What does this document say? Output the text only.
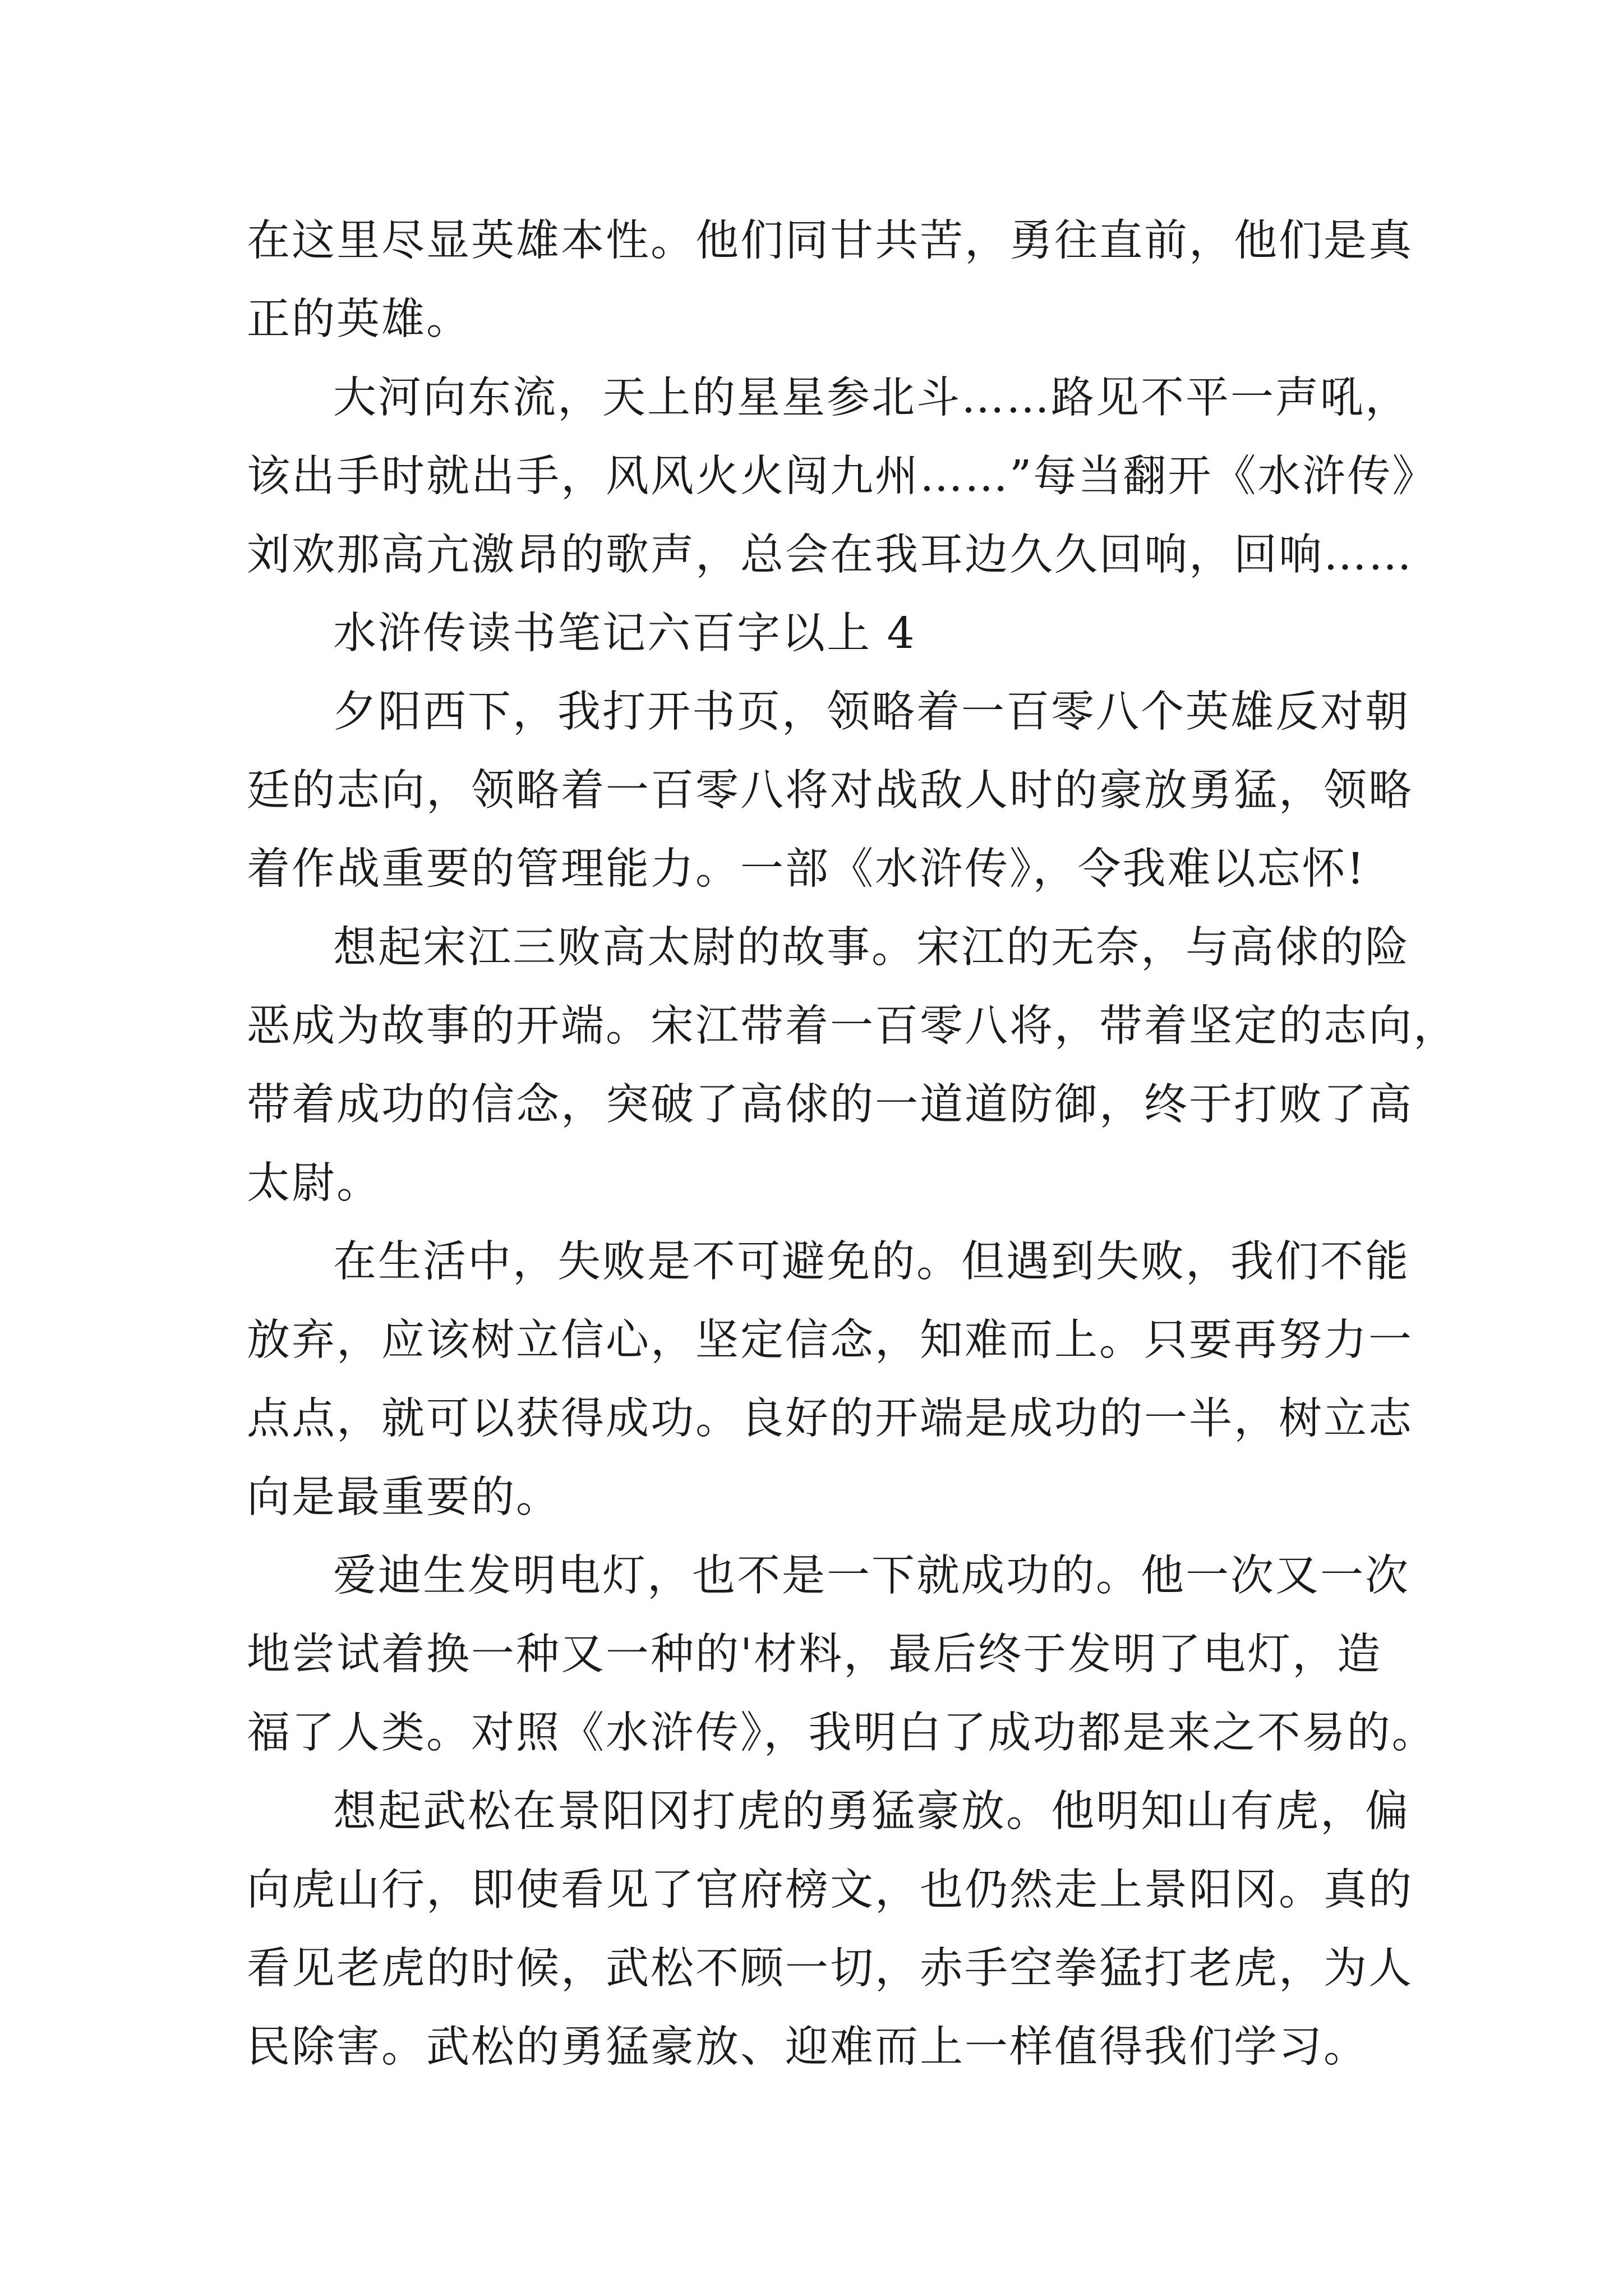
在这里尽显英雄本性。他们同甘共苦，勇往直前，他们是真
正的英雄。

大河向东流，天上的星星参北斗……路见不平一声吼，
该出手时就出手，风风火火闯九州……”每当翻开《水浒传》
刘欢那高亢激昂的歌声，总会在我耳边久久回响，回响……

水浒传读书笔记六百字以上 4

夕阳西下，我打开书页，领略着一百零八个英雄反对朝
廷的志向，领略着一百零八将对战敌人时的豪放勇猛，领略
着作战重要的管理能力。一部《水浒传》，令我难以忘怀!

想起宋江三败高太尉的故事。宋江的无奈，与高俅的险
恶成为故事的开端。宋江带着一百零八将，带着坚定的志向，
带着成功的信念，突破了高俅的一道道防御，终于打败了高
太尉。

在生活中，失败是不可避免的。但遇到失败，我们不能
放弃，应该树立信心，坚定信念，知难而上。只要再努力一
点点，就可以获得成功。良好的开端是成功的一半，树立志
向是最重要的。

爱迪生发明电灯，也不是一下就成功的。他一次又一次
地尝试着换一种又一种的'材料，最后终于发明了电灯，造
福了人类。对照《水浒传》，我明白了成功都是来之不易的。

想起武松在景阳冈打虎的勇猛豪放。他明知山有虎，偏
向虎山行，即使看见了官府榜文，也仍然走上景阳冈。真的
看见老虎的时候，武松不顾一切，赤手空拳猛打老虎，为人
民除害。武松的勇猛豪放、迎难而上一样值得我们学习。
